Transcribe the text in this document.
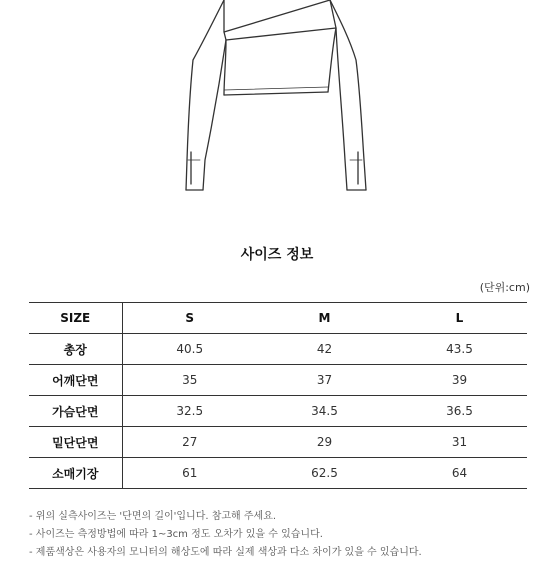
사이즈 정보
(단위:cm)
SIZE	S	M	L
총장	40.5	42	43.5
어깨단면	35	37	39
가슴단면	32.5	34.5	36.5
밑단단면	27	29	31
소매기장	61	62.5	64

- 위의 실측사이즈는 '단면의 길이'입니다. 참고해 주세요.

- 사이즈는 측정방법에 따라 1~3cm 정도 오차가 있을 수 있습니다.

- 제품색상은 사용자의 모니터의 해상도에 따라 실제 색상과 다소 차이가 있을 수 있습니다.
